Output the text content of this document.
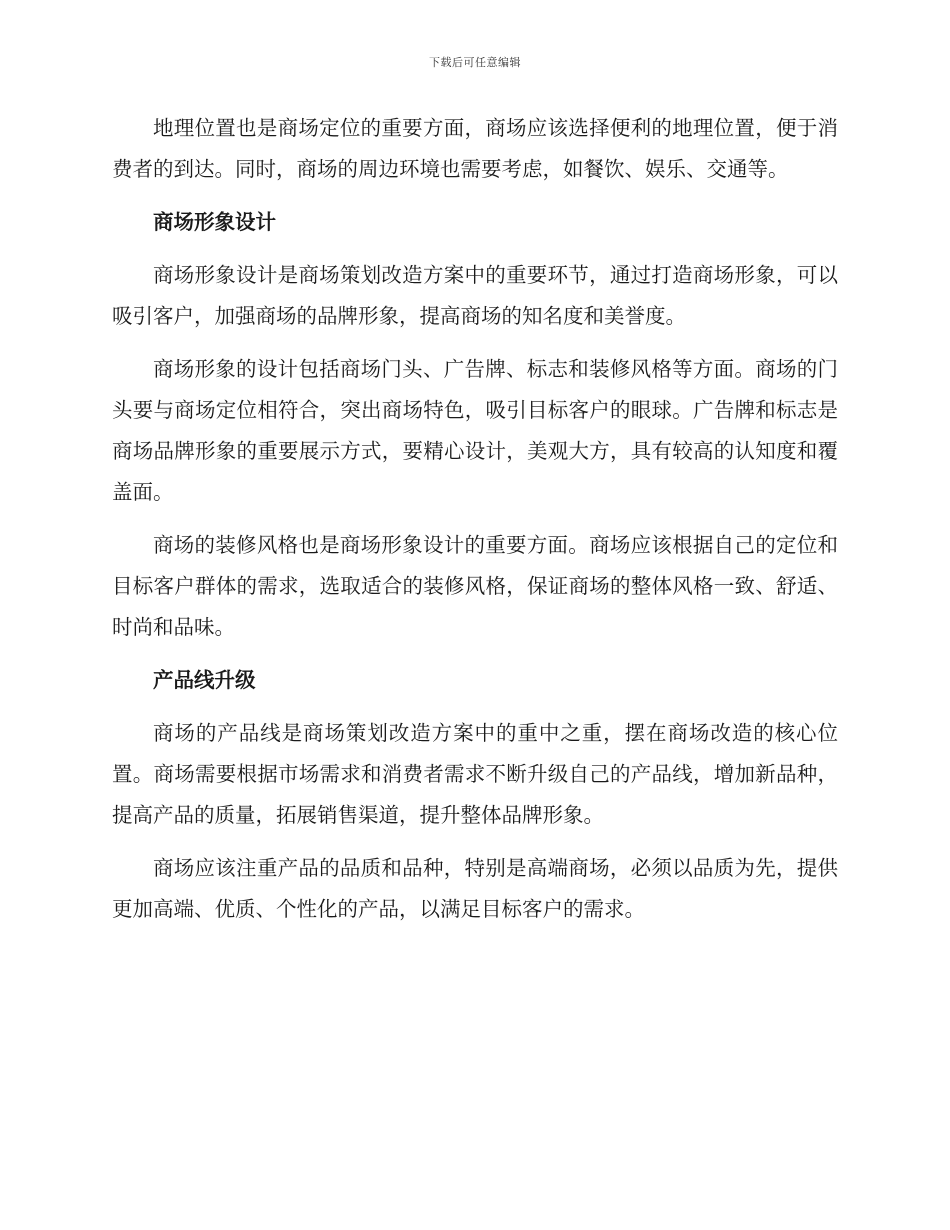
下载后可任意编辑

地理位置也是商场定位的重要方面，商场应该选择便利的地理位置，便于消费者的到达。同时，商场的周边环境也需要考虑，如餐饮、娱乐、交通等。

商场形象设计

商场形象设计是商场策划改造方案中的重要环节，通过打造商场形象，可以吸引客户，加强商场的品牌形象，提高商场的知名度和美誉度。

商场形象的设计包括商场门头、广告牌、标志和装修风格等方面。商场的门头要与商场定位相符合，突出商场特色，吸引目标客户的眼球。广告牌和标志是商场品牌形象的重要展示方式，要精心设计，美观大方，具有较高的认知度和覆盖面。

商场的装修风格也是商场形象设计的重要方面。商场应该根据自己的定位和目标客户群体的需求，选取适合的装修风格，保证商场的整体风格一致、舒适、时尚和品味。

产品线升级

商场的产品线是商场策划改造方案中的重中之重，摆在商场改造的核心位置。商场需要根据市场需求和消费者需求不断升级自己的产品线，增加新品种，提高产品的质量，拓展销售渠道，提升整体品牌形象。

商场应该注重产品的品质和品种，特别是高端商场，必须以品质为先，提供更加高端、优质、个性化的产品，以满足目标客户的需求。
